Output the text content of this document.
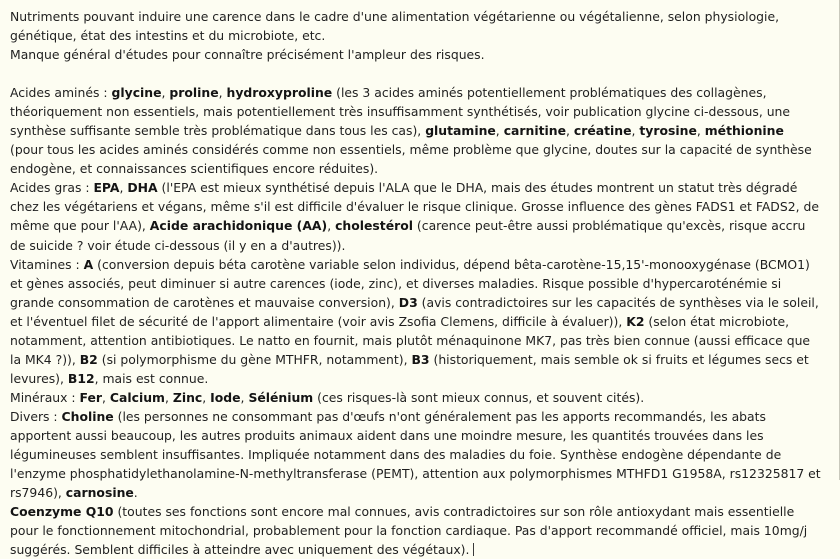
Nutriments pouvant induire une carence dans le cadre d'une alimentation végétarienne ou végétalienne, selon physiologie, génétique, état des intestins et du microbiote, etc.

Manque général d'études pour connaître précisément l'ampleur des risques.

Acides aminés : glycine, proline, hydroxyproline (les 3 acides aminés potentiellement problématiques des collagènes, théoriquement non essentiels, mais potentiellement très insuffisamment synthétisés, voir publication glycine ci-dessous, une synthèse suffisante semble très problématique dans tous les cas), glutamine, carnitine, créatine, tyrosine, méthionine (pour tous les acides aminés considérés comme non essentiels, même problème que glycine, doutes sur la capacité de synthèse endogène, et connaissances scientifiques encore réduites).

Acides gras : EPA, DHA (l'EPA est mieux synthétisé depuis l'ALA que le DHA, mais des études montrent un statut très dégradé chez les végétariens et végans, même s'il est difficile d'évaluer le risque clinique. Grosse influence des gènes FADS1 et FADS2, de même que pour l'AA), Acide arachidonique (AA), cholestérol (carence peut-être aussi problématique qu'excès, risque accru de suicide ? voir étude ci-dessous (il y en a d'autres)).

Vitamines : A (conversion depuis béta carotène variable selon individus, dépend bêta-carotène-15,15'-monooxygénase (BCMO1) et gènes associés, peut diminuer si autre carences (iode, zinc), et diverses maladies. Risque possible d'hypercaroténémie si grande consommation de carotènes et mauvaise conversion), D3 (avis contradictoires sur les capacités de synthèses via le soleil, et l'éventuel filet de sécurité de l'apport alimentaire (voir avis Zsofia Clemens, difficile à évaluer)), K2 (selon état microbiote, notamment, attention antibiotiques. Le natto en fournit, mais plutôt ménaquinone MK7, pas très bien connue (aussi efficace que la MK4 ?)), B2 (si polymorphisme du gène MTHFR, notamment), B3 (historiquement, mais semble ok si fruits et légumes secs et levures), B12, mais est connue.

Minéraux : Fer, Calcium, Zinc, Iode, Sélénium (ces risques-là sont mieux connus, et souvent cités).

Divers : Choline (les personnes ne consommant pas d'œufs n'ont généralement pas les apports recommandés, les abats apportent aussi beaucoup, les autres produits animaux aident dans une moindre mesure, les quantités trouvées dans les légumineuses semblent insuffisantes. Impliquée notamment dans des maladies du foie. Synthèse endogène dépendante de l'enzyme phosphatidylethanolamine-N-methyltransferase (PEMT), attention aux polymorphismes MTHFD1 G1958A, rs12325817 et rs7946), carnosine.

Coenzyme Q10 (toutes ses fonctions sont encore mal connues, avis contradictoires sur son rôle antioxydant mais essentielle pour le fonctionnement mitochondrial, probablement pour la fonction cardiaque. Pas d'apport recommandé officiel, mais 10mg/j suggérés. Semblent difficiles à atteindre avec uniquement des végétaux).
